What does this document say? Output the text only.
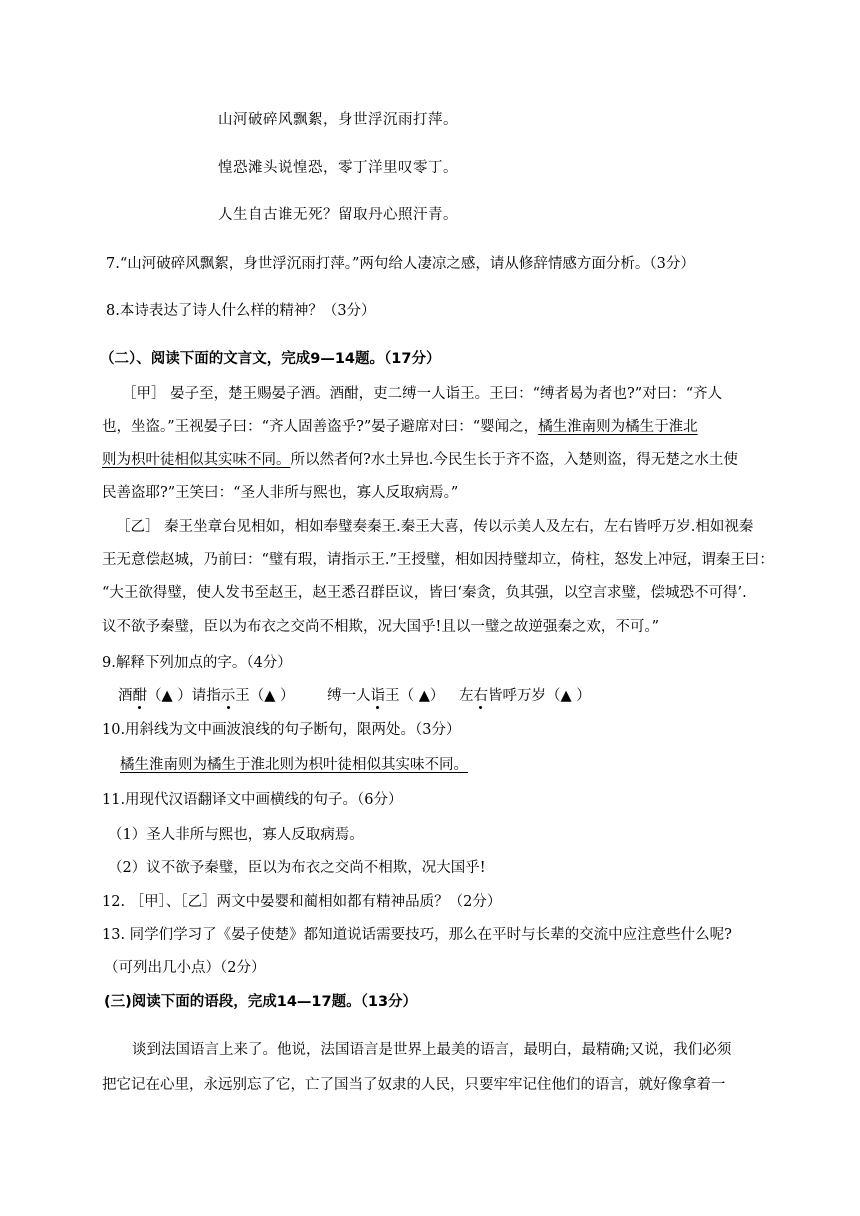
山河破碎风飘絮，身世浮沉雨打萍。
惶恐滩头说惶恐，零丁洋里叹零丁。
人生自古谁无死？留取丹心照汗青。
7.“山河破碎风飘絮，身世浮沉雨打萍。”两句给人凄凉之感，请从修辞情感方面分析。（3分）
8.本诗表达了诗人什么样的精神？（3分）
（二）、阅读下面的文言文，完成9—14题。（17分）
［甲］ 晏子至，楚王赐晏子酒。酒酣，吏二缚一人诣王。王曰：“缚者曷为者也?”对曰：“齐人
也，坐盗。”王视晏子曰：“齐人固善盗乎?”晏子避席对曰：“婴闻之，橘生淮南则为橘生于淮北
则为枳叶徒相似其实味不同。所以然者何?水土异也.今民生长于齐不盗，入楚则盗，得无楚之水土使
民善盗耶?”王笑曰：“圣人非所与熙也，寡人反取病焉。”
［乙］ 秦王坐章台见相如，相如奉璧奏秦王.秦王大喜，传以示美人及左右，左右皆呼万岁.相如视秦
王无意偿赵城，乃前曰：“璧有瑕，请指示王.”王授璧，相如因持璧却立，倚柱，怒发上冲冠，谓秦王曰：
“大王欲得璧，使人发书至赵王，赵王悉召群臣议，皆曰‘秦贪，负其强，以空言求璧，偿城恐不可得’.
议不欲予秦璧，臣以为布衣之交尚不相欺，况大国乎!且以一璧之故逆强秦之欢，不可。”
9.解释下列加点的字。（4分）
酒酣（▲ ）请指示王（▲ ） 缚一人诣王（ ▲） 左右皆呼万岁（▲ ）
10.用斜线为文中画波浪线的句子断句，限两处。（3分）
橘生淮南则为橘生于淮北则为枳叶徒相似其实味不同。
11.用现代汉语翻译文中画横线的句子。（6分）
（1）圣人非所与熙也，寡人反取病焉。
（2）议不欲予秦璧，臣以为布衣之交尚不相欺，况大国乎!
12. ［甲］、［乙］两文中晏婴和蔺相如都有精神品质？（2分）
13. 同学们学习了《晏子使楚》都知道说话需要技巧，那么在平时与长辈的交流中应注意些什么呢?
（可列出几小点）（2分）
(三)阅读下面的语段，完成14—17题。（13分）
谈到法国语言上来了。他说，法国语言是世界上最美的语言，最明白，最精确;又说，我们必须
把它记在心里，永远别忘了它，亡了国当了奴隶的人民，只要牢牢记住他们的语言，就好像拿着一
